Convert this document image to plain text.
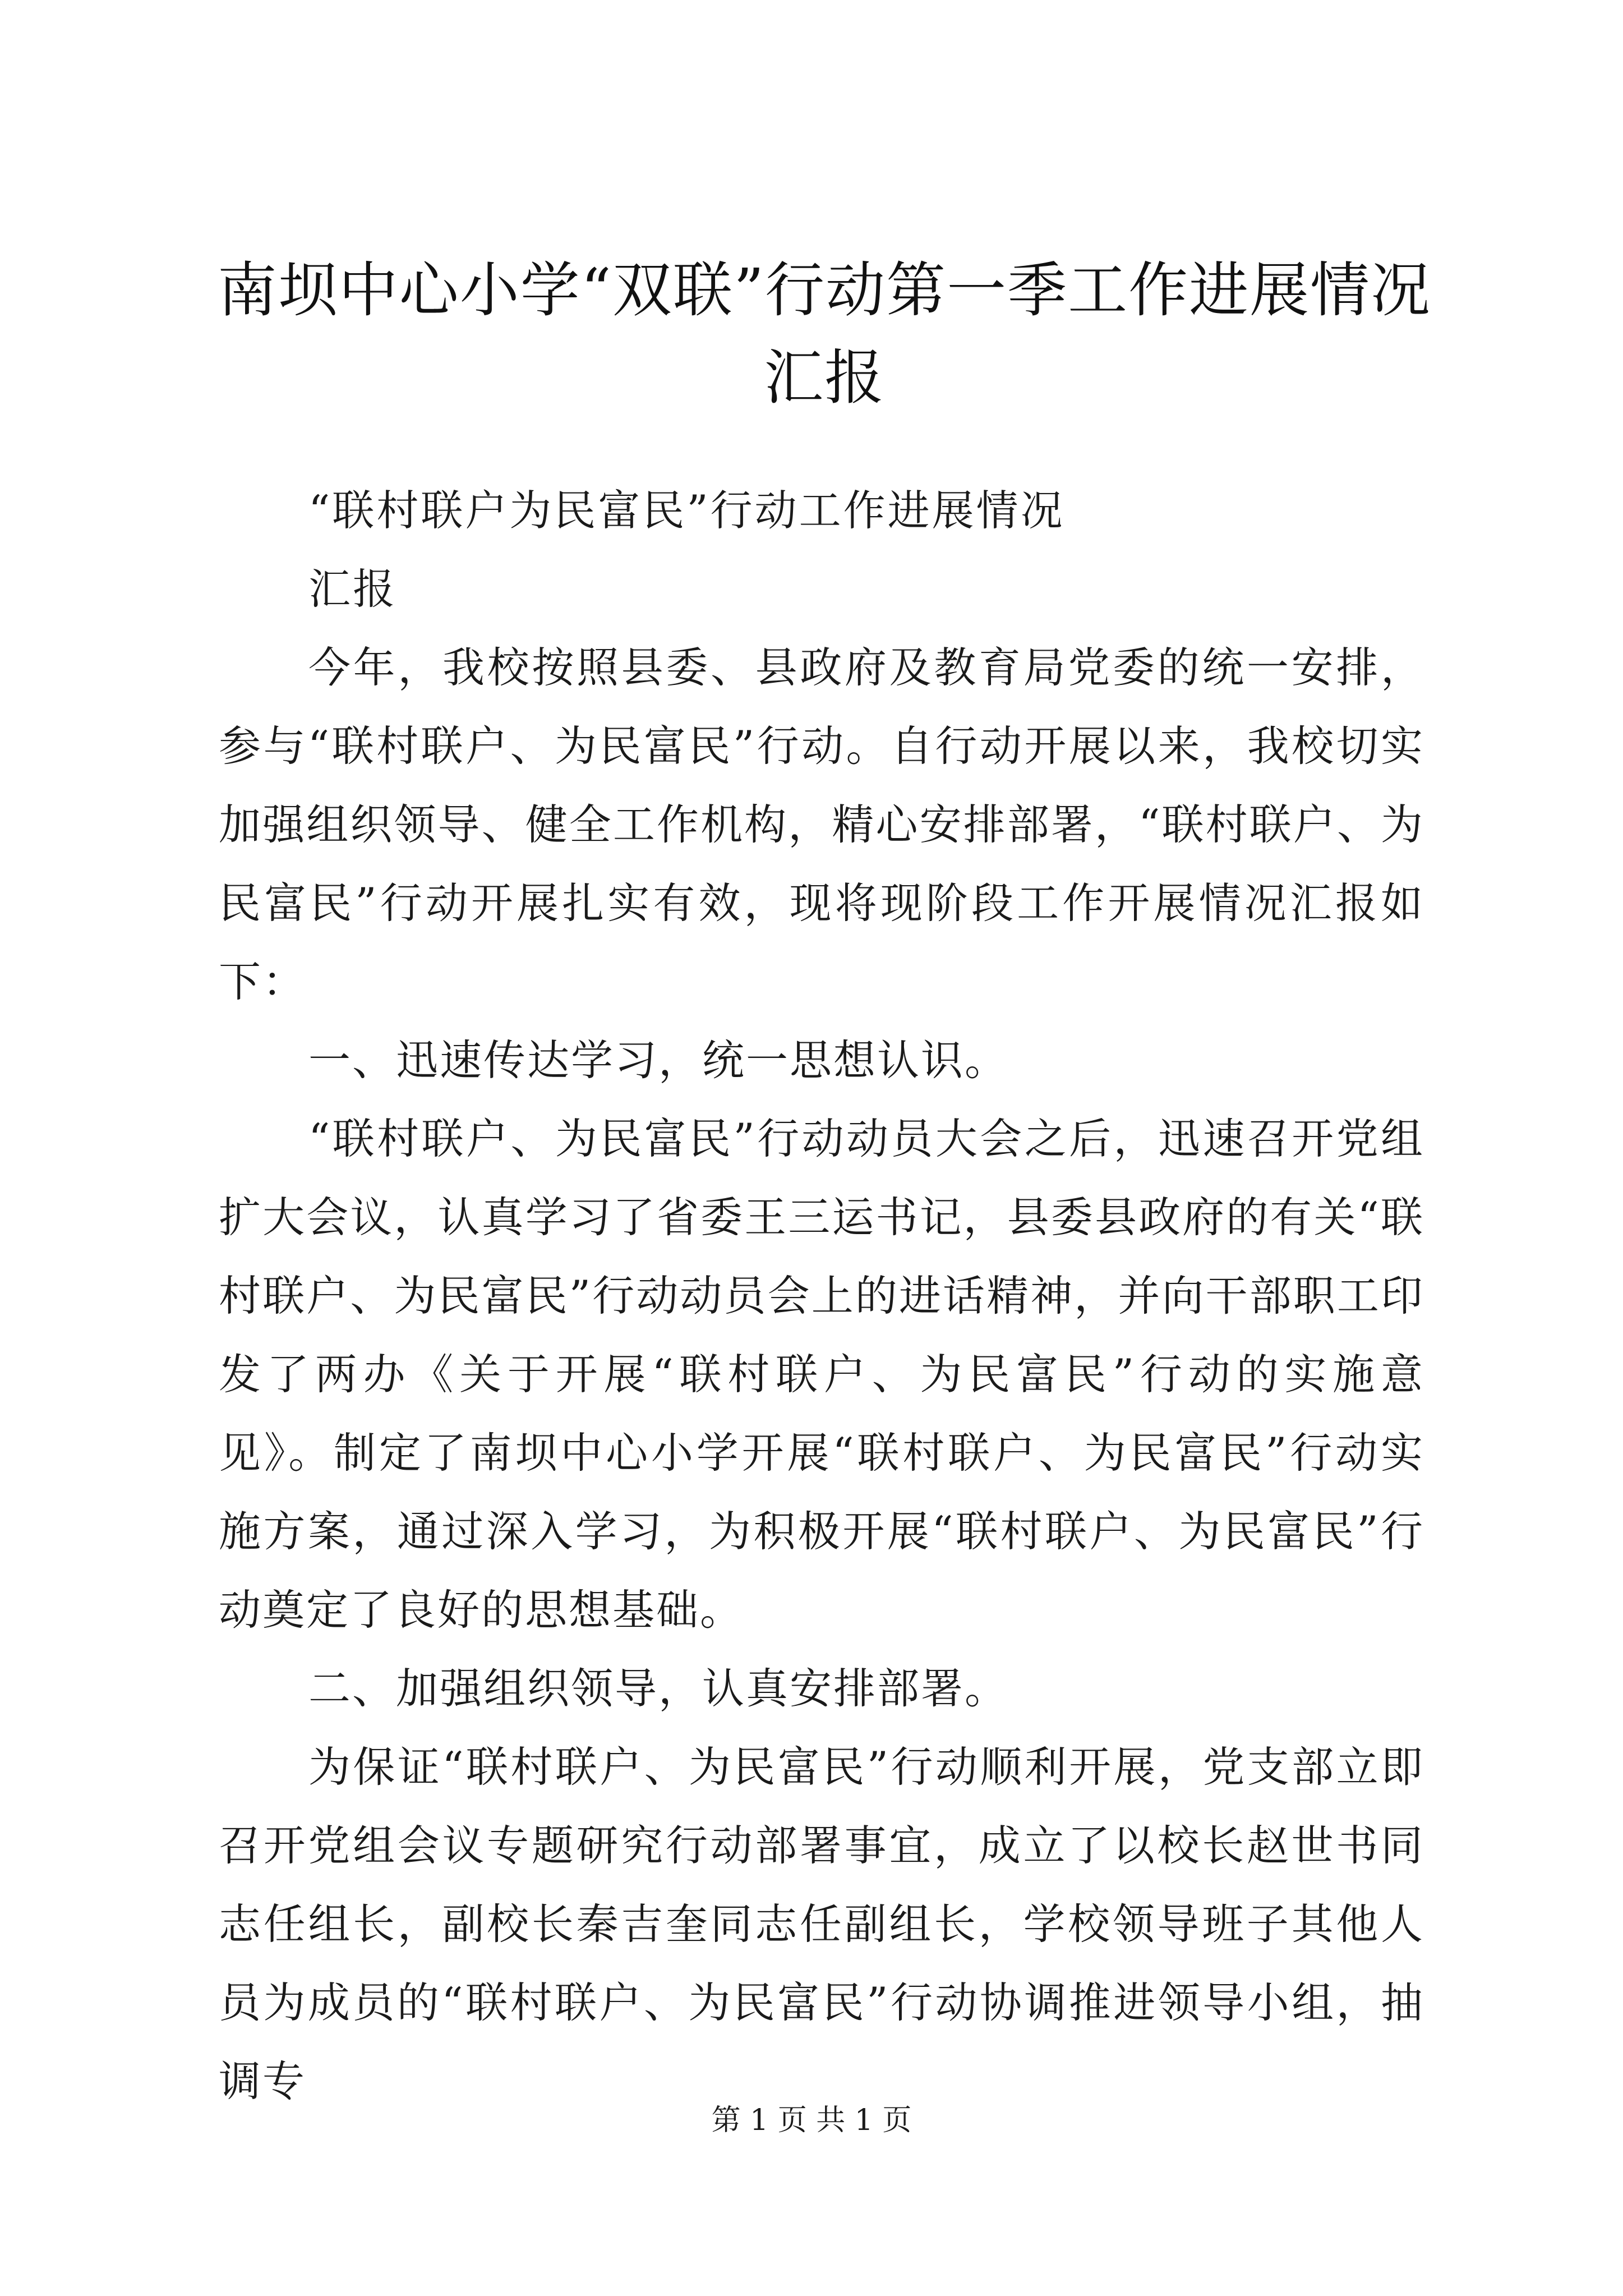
南坝中心小学“双联”行动第一季工作进展情况汇报

“联村联户为民富民”行动工作进展情况

汇报

今年，我校按照县委、县政府及教育局党委的统一安排，参与“联村联户、为民富民”行动。自行动开展以来，我校切实加强组织领导、健全工作机构，精心安排部署，“联村联户、为民富民”行动开展扎实有效，现将现阶段工作开展情况汇报如下：

一、迅速传达学习，统一思想认识。

“联村联户、为民富民”行动动员大会之后，迅速召开党组扩大会议，认真学习了省委王三运书记，县委县政府的有关“联村联户、为民富民”行动动员会上的进话精神，并向干部职工印发了两办《关于开展“联村联户、为民富民”行动的实施意见》。制定了南坝中心小学开展“联村联户、为民富民”行动实施方案，通过深入学习，为积极开展“联村联户、为民富民”行动奠定了良好的思想基础。

二、加强组织领导，认真安排部署。

为保证“联村联户、为民富民”行动顺利开展，党支部立即召开党组会议专题研究行动部署事宜，成立了以校长赵世书同志任组长，副校长秦吉奎同志任副组长，学校领导班子其他人员为成员的“联村联户、为民富民”行动协调推进领导小组，抽调专

第 1 页 共 1 页
